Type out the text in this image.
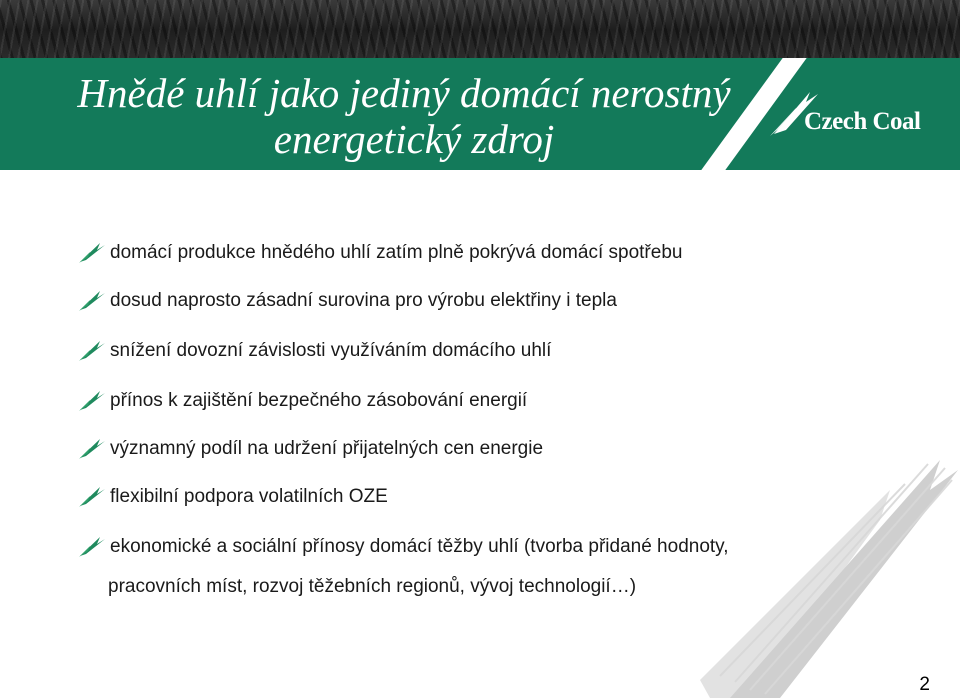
Hnědé uhlí jako jediný domácí nerostný
energetický zdroj	Czech Coal
domácí produkce hnědého uhlí zatím plně pokrývá domácí spotřebu
dosud naprosto zásadní surovina pro výrobu elektřiny i tepla
snížení dovozní závislosti využíváním domácího uhlí
přínos k zajištění bezpečného zásobování energií
významný podíl na udržení přijatelných cen energie
flexibilní podpora volatilních OZE
ekonomické a sociální přínosy domácí těžby uhlí (tvorba přidané hodnoty,
pracovních míst, rozvoj těžebních regionů, vývoj technologií…)
2
